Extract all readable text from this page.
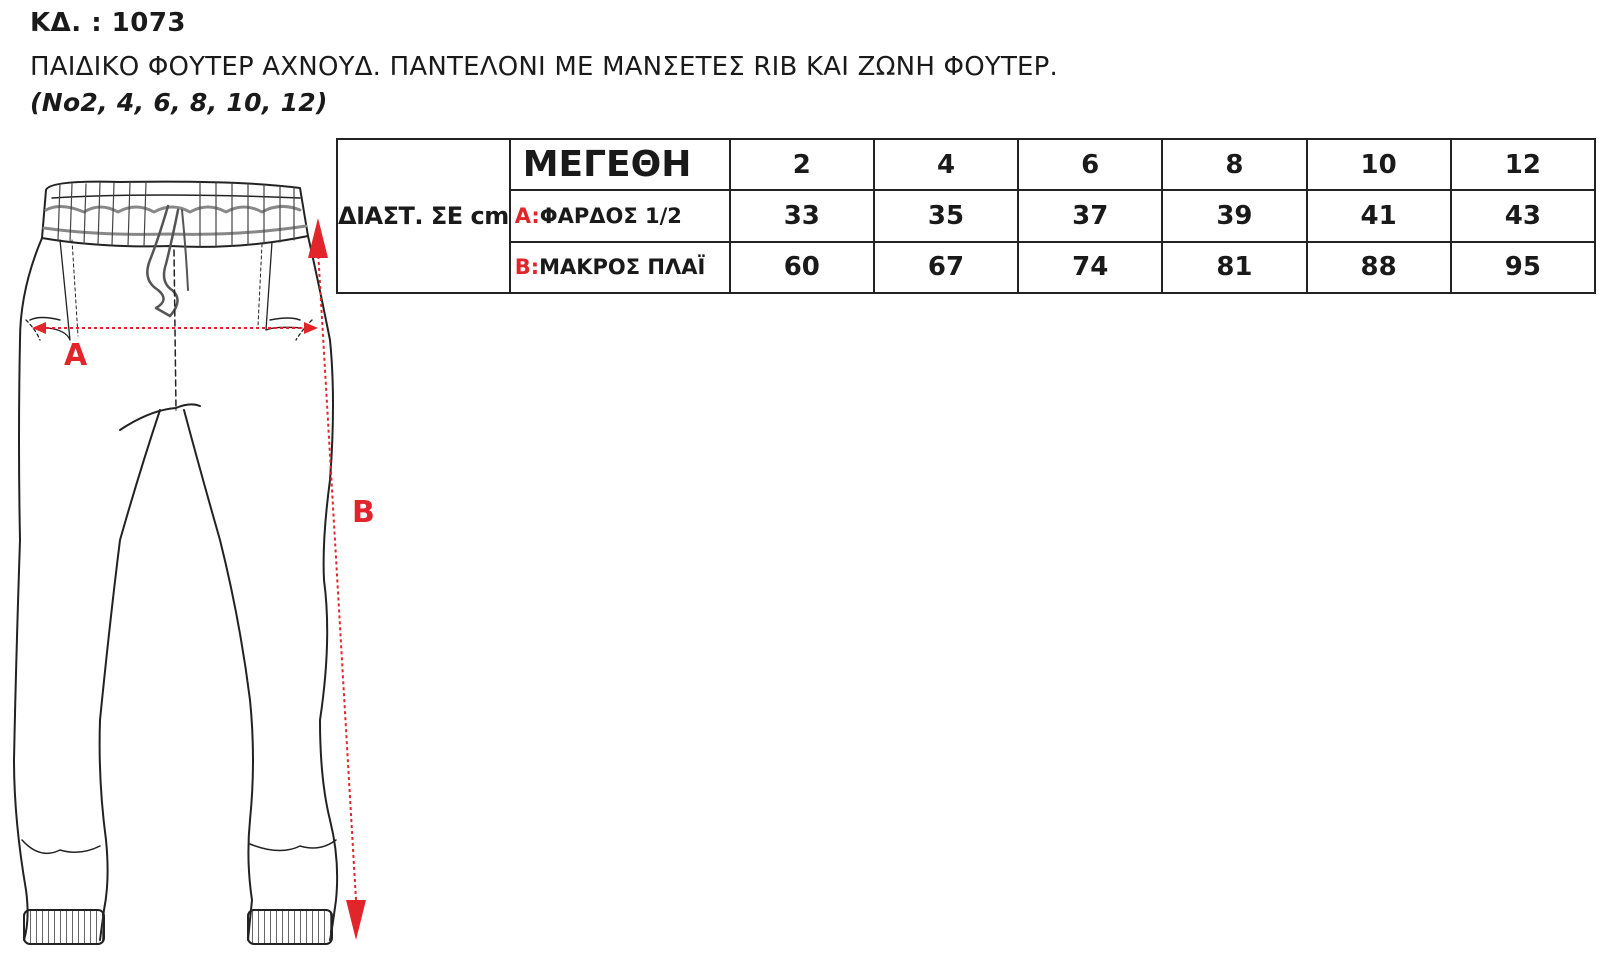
ΚΔ. : 1073
ΠΑΙΔΙΚΟ ΦΟΥΤΕΡ ΑΧΝΟΥΔ. ΠΑΝΤΕΛΟΝΙ ΜΕ ΜΑΝΣΕΤΕΣ RIB ΚΑΙ ΖΩΝΗ ΦΟΥΤΕΡ.
(No2, 4, 6, 8, 10, 12)
A
B
ΔΙΑΣΤ. ΣΕ cm	ΜΕΓΕΘΗ	2	4	6	8	10	12
	A:ΦΑΡΔΟΣ 1/2	33	35	37	39	41	43
	B:ΜΑΚΡΟΣ ΠΛΑΪ	60	67	74	81	88	95
